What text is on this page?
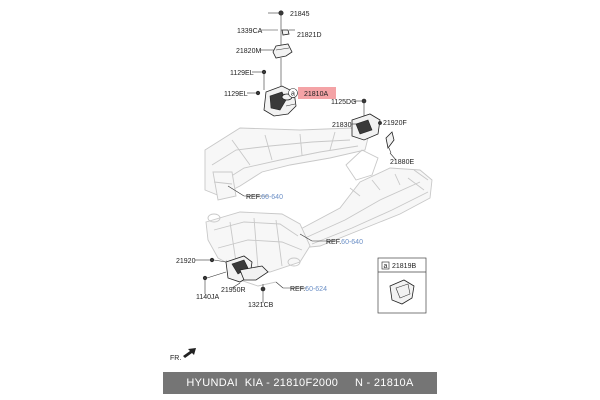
a
21845
1339CA
21821D
21820M
1129EL
1129EL	21810A
1125DG
21920F
21830
21880E
21920
1140JA
21950R
1321CB
REF.60-640
REF.60-640
REF.60-624
a 21819B
FR.
HYUNDAI  KIA - 21810F2000     N - 21810A
